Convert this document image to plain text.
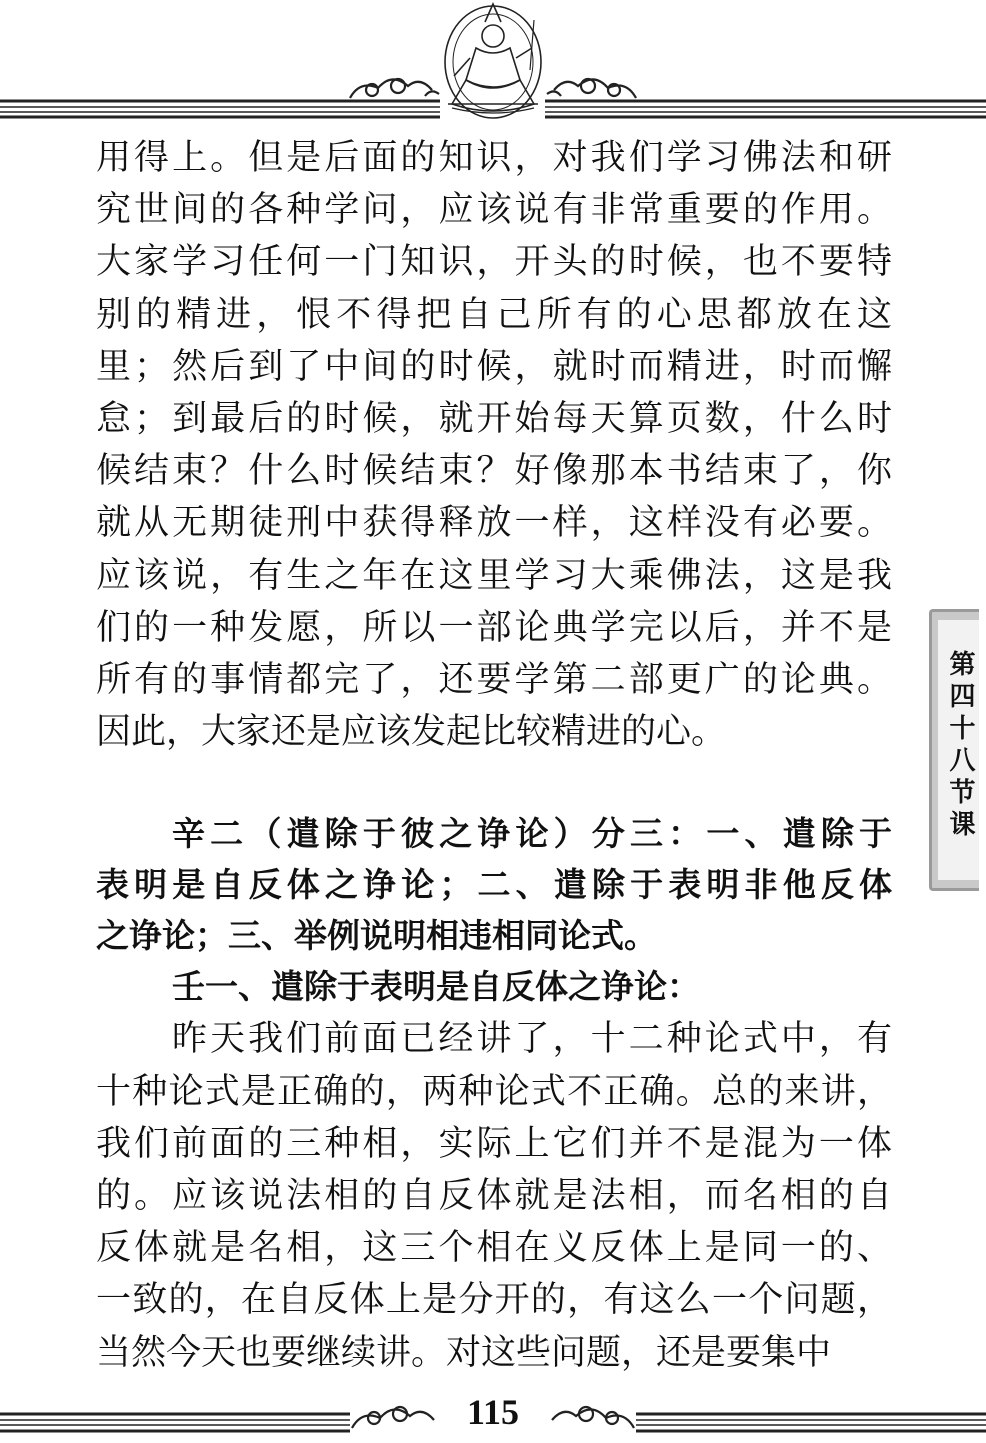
用得上。但是后面的知识，对我们学习佛法和研
究世间的各种学问，应该说有非常重要的作用。
大家学习任何一门知识，开头的时候，也不要特
别的精进，恨不得把自己所有的心思都放在这
里；然后到了中间的时候，就时而精进，时而懈
怠；到最后的时候，就开始每天算页数，什么时
候结束？什么时候结束？好像那本书结束了，你
就从无期徒刑中获得释放一样，这样没有必要。
应该说，有生之年在这里学习大乘佛法，这是我
们的一种发愿，所以一部论典学完以后，并不是
所有的事情都完了，还要学第二部更广的论典。
因此，大家还是应该发起比较精进的心。
辛二（遣除于彼之诤论）分三：一、遣除于
表明是自反体之诤论；二、遣除于表明非他反体
之诤论；三、举例说明相违相同论式。
壬一、遣除于表明是自反体之诤论：
昨天我们前面已经讲了，十二种论式中，有
十种论式是正确的，两种论式不正确。总的来讲，
我们前面的三种相，实际上它们并不是混为一体
的。应该说法相的自反体就是法相，而名相的自
反体就是名相，这三个相在义反体上是同一的、
一致的，在自反体上是分开的，有这么一个问题，
当然今天也要继续讲。对这些问题，还是要集中
第四十八节课
115
